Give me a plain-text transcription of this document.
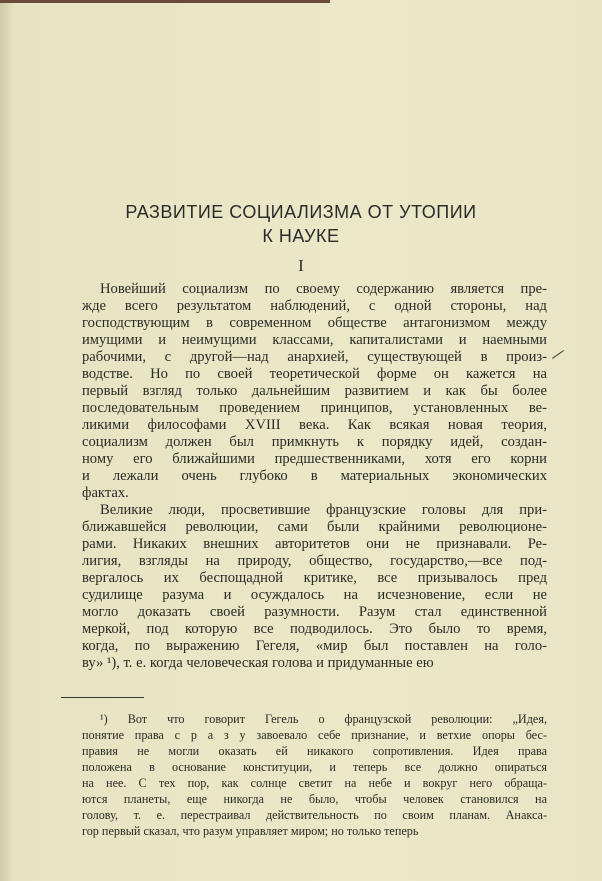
РАЗВИТИЕ СОЦИАЛИЗМА ОТ УТОПИИ
К НАУКЕ
I
Новейший социализм по своему содержанию является пре-
жде всего результатом наблюдений, с одной стороны, над
господствующим в современном обществе антагонизмом между
имущими и неимущими классами, капиталистами и наемными
рабочими, с другой—над анархией, существующей в произ-
водстве. Но по своей теоретической форме он кажется на
первый взгляд только дальнейшим развитием и как бы более
последовательным проведением принципов, установленных ве-
ликими философами XVIII века. Как всякая новая теория,
социализм должен был примкнуть к порядку идей, создан-
ному его ближайшими предшественниками, хотя его корни
и лежали очень глубоко в материальных экономических
фактах.
Великие люди, просветившие французские головы для при-
ближавшейся революции, сами были крайними революционе-
рами. Никаких внешних авторитетов они не признавали. Ре-
лигия, взгляды на природу, общество, государство,—все под-
вергалось их беспощадной критике, все призывалось пред
судилище разума и осуждалось на исчезновение, если не
могло доказать своей разумности. Разум стал единственной
меркой, под которую все подводилось. Это было то время,
когда, по выражению Гегеля, «мир был поставлен на голо-
ву» ¹), т. е. когда человеческая голова и придуманные ею
¹) Вот что говорит Гегель о французской революции: „Идея,
понятие права с р а з у завоевало себе признание, и ветхие опоры бес-
правия не могли оказать ей никакого сопротивления. Идея права
положена в основание конституции, и теперь все должно опираться
на нее. С тех пор, как солнце светит на небе и вокруг него обраща-
ются планеты, еще никогда не было, чтобы человек становился на
голову, т. е. перестраивал действительность по своим планам. Анакса-
гор первый сказал, что разум управляет миром; но только теперь
